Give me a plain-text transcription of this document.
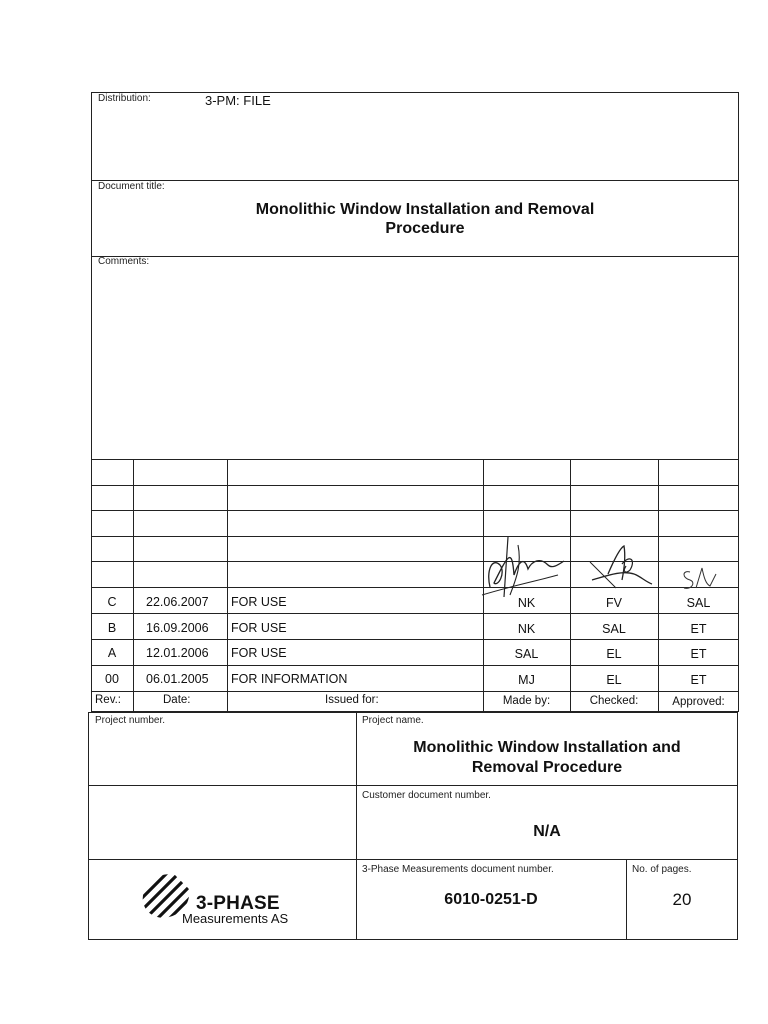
Distribution:	3-PM: FILE
Document title:
Monolithic Window Installation and Removal
Procedure
Comments:
C	22.06.2007 FOR USE	NK	FV	SAL
B	16.09.2006 FOR USE	NK	SAL	ET
A	12.01.2006 FOR USE	SAL	EL	ET
00	06.01.2005 FOR INFORMATION	MJ	EL	ET
Rev.:	Date:	Issued for:	Made by:	Checked:	Approved:
Project number.	Project name.
Monolithic Window Installation and
Removal Procedure
Customer document number.
N/A
3-Phase Measurements document number.
6010-0251-D
No. of pages.
20
3-PHASE
Measurements AS
